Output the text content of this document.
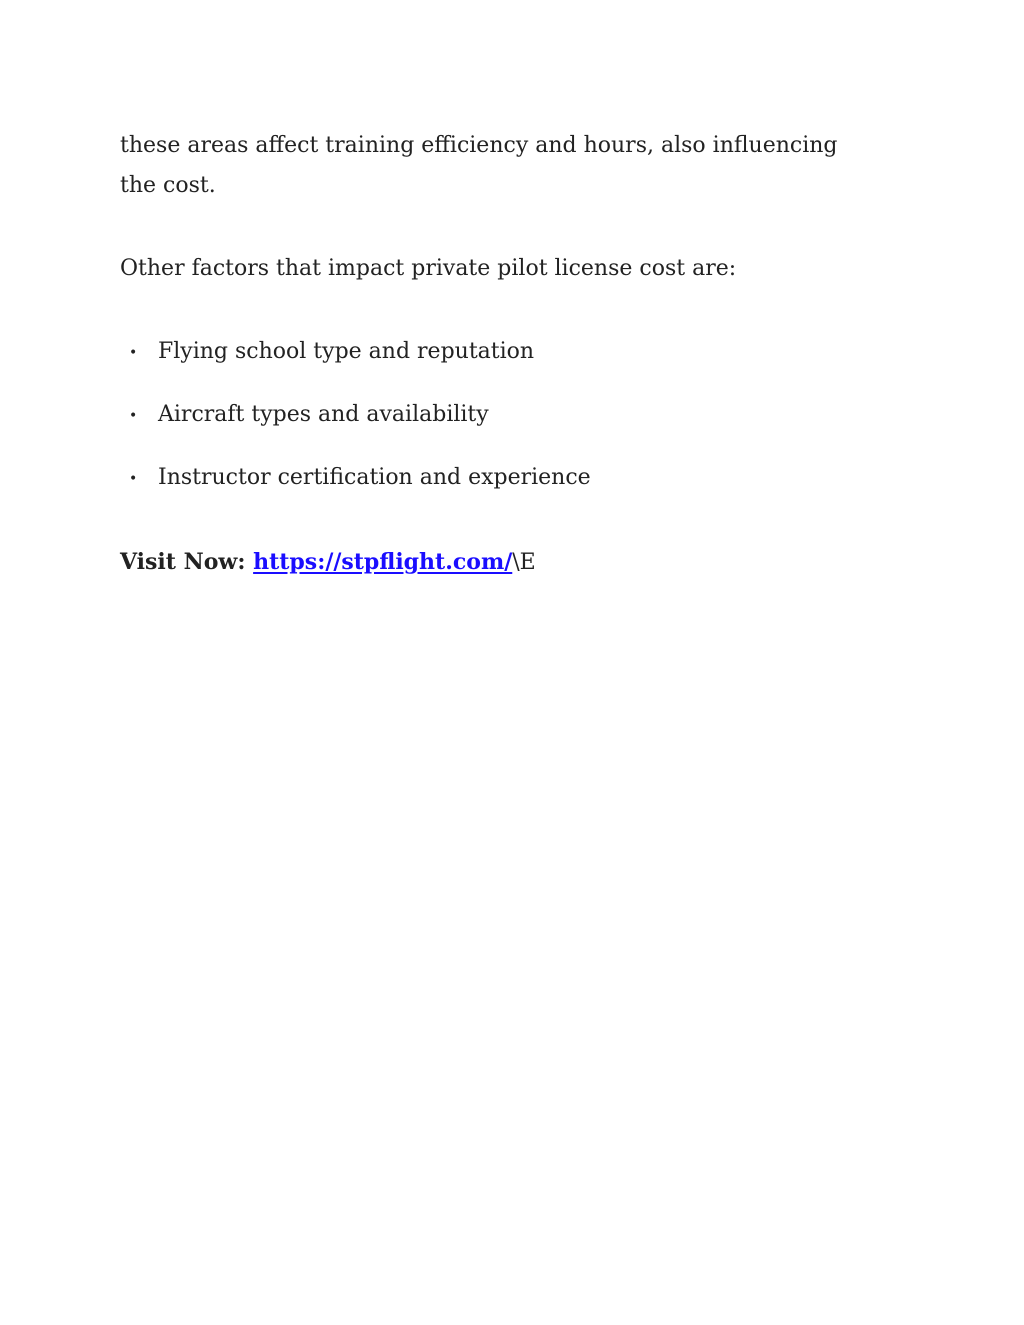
these areas affect training efficiency and hours, also influencing the cost.

Other factors that impact private pilot license cost are:

• Flying school type and reputation
• Aircraft types and availability
• Instructor certification and experience

Visit Now: https://stpflight.com/\E
